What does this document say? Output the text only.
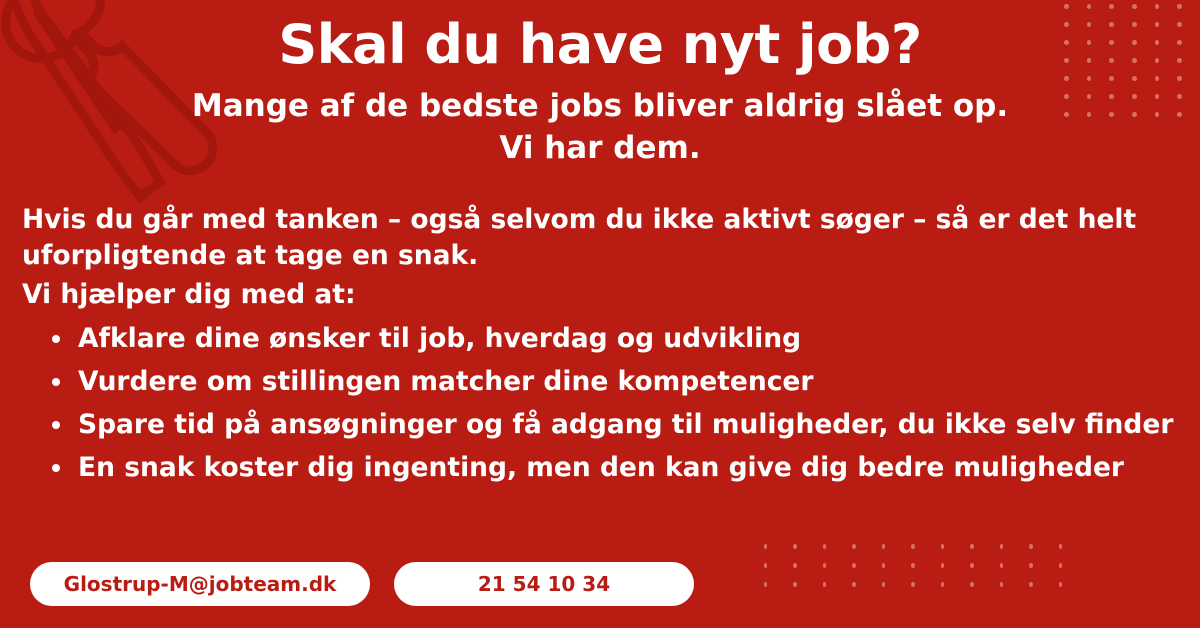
Skal du have nyt job?
Mange af de bedste jobs bliver aldrig slået op.
Vi har dem.

Hvis du går med tanken – også selvom du ikke aktivt søger – så er det helt uforpligtende at tage en snak.

Vi hjælper dig med at:

Afklare dine ønsker til job, hverdag og udvikling
Vurdere om stillingen matcher dine kompetencer
Spare tid på ansøgninger og få adgang til muligheder, du ikke selv finder
En snak koster dig ingenting, men den kan give dig bedre muligheder
Glostrup-M@jobteam.dk	21 54 10 34
